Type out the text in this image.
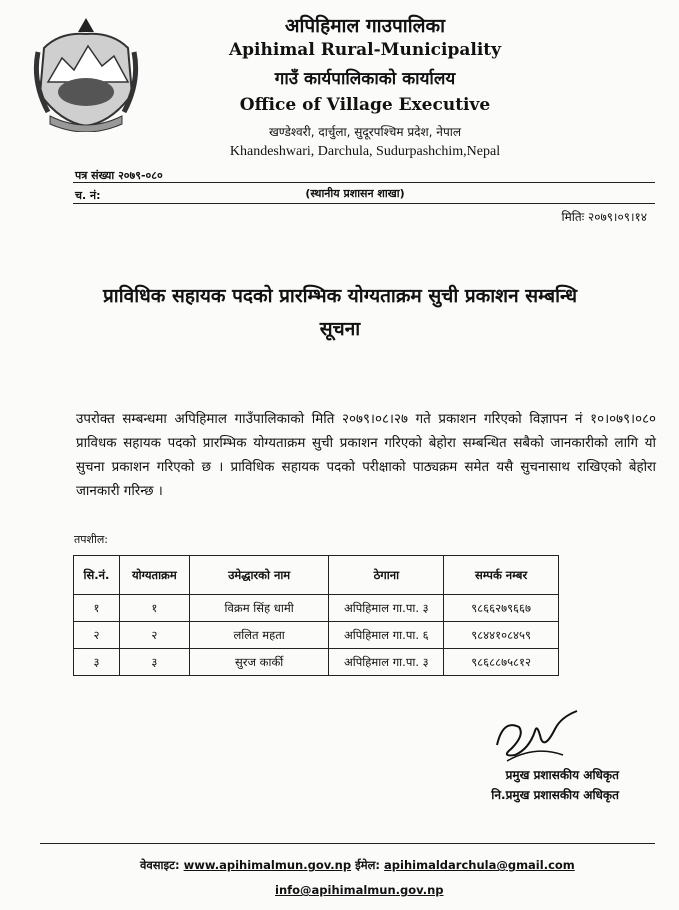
अपिहिमाल गाउपालिका
Apihimal Rural-Municipality
गाउँ कार्यपालिकाको कार्यालय
Office of Village Executive
खण्डेश्वरी, दार्चुला, सुदूरपश्चिम प्रदेश, नेपाल
Khandeshwari, Darchula, Sudurpashchim,Nepal
पत्र संख्या २०७९-०८०
च. नं:	(स्थानीय प्रशासन शाखा)
मितिः २०७९।०९।१४
प्राविधिक सहायक पदको प्रारम्भिक योग्यताक्रम सुची प्रकाशन सम्बन्धि
सूचना
उपरोक्त सम्बन्धमा अपिहिमाल गाउँपालिकाको मिति २०७९।०८।२७ गते प्रकाशन गरिएको विज्ञापन नं १०।०७९।०८० प्राविधक सहायक पदको प्रारम्भिक योग्यताक्रम सुची प्रकाशन गरिएको बेहोरा सम्बन्धित सबैको जानकारीको लागि यो सुचना प्रकाशन गरिएको छ । प्राविधिक सहायक पदको परीक्षाको पाठ्यक्रम समेत यसै सुचनासाथ राखिएको बेहोरा जानकारी गरिन्छ ।
तपशील:
सि.नं.	योग्यताक्रम	उमेद्धारको नाम	ठेगाना	सम्पर्क नम्बर
१	१	विक्रम सिंह धामी	अपिहिमाल गा.पा. ३	९८६६२७९६६७
२	२	ललित महता	अपिहिमाल गा.पा. ६	९८४४१०८४५९
३	३	सुरज कार्की	अपिहिमाल गा.पा. ३	९८६८८७५८१२
प्रमुख प्रशासकीय अधिकृत
नि.प्रमुख प्रशासकीय अधिकृत
वेवसाइट: www.apihimalmun.gov.np ईमेल: apihimaldarchula@gmail.com
info@apihimalmun.gov.np
